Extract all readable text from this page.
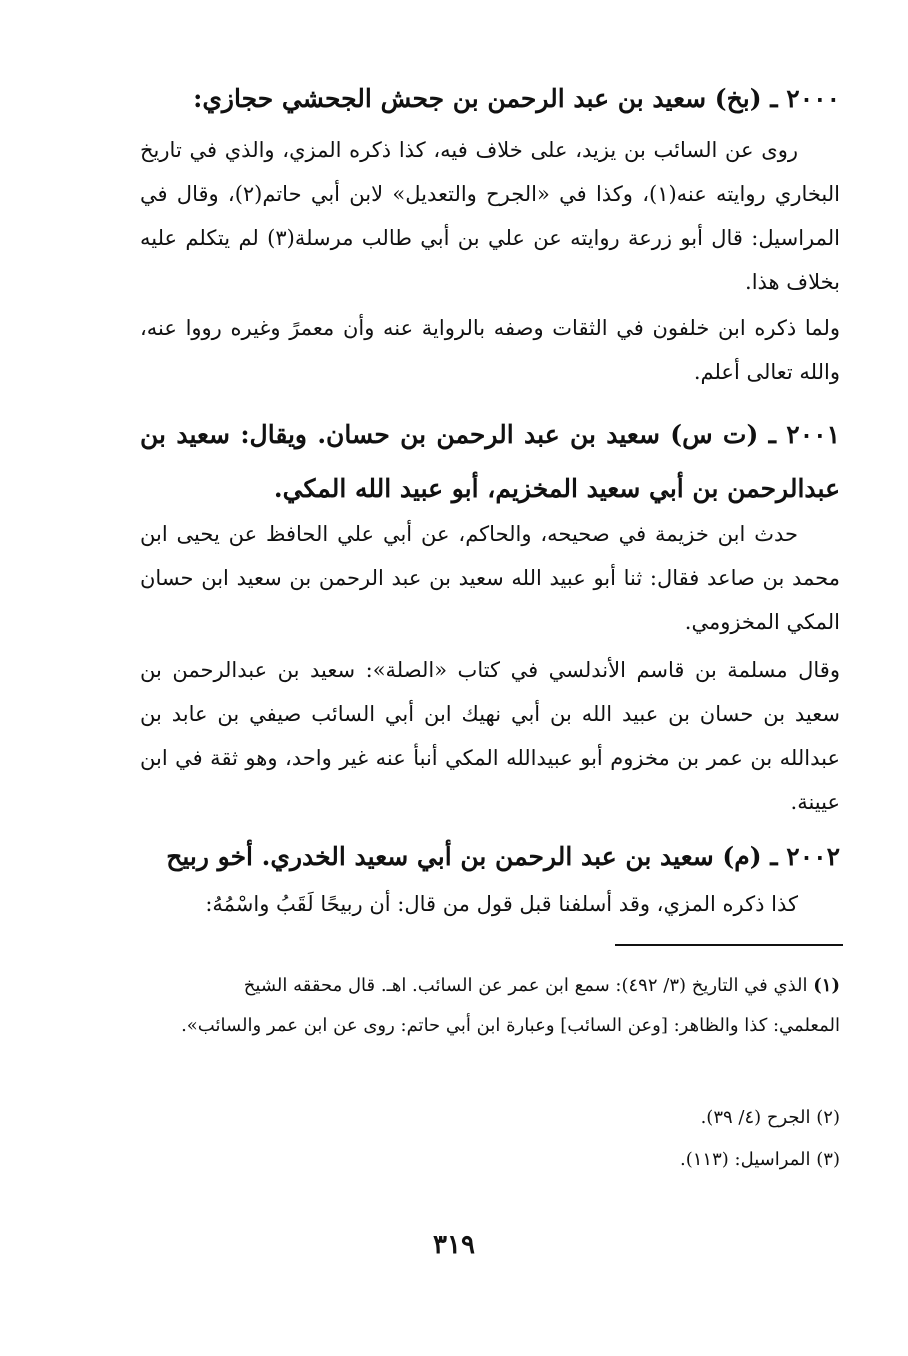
٢٠٠٠ ـ (بخ) سعيد بن عبد الرحمن بن جحش الجحشي حجازي:
روى عن السائب بن يزيد، على خلاف فيه، كذا ذكره المزي، والذي في تاريخ البخاري روايته عنه(١)، وكذا في «الجرح والتعديل» لابن أبي حاتم(٢)، وقال في المراسيل: قال أبو زرعة روايته عن علي بن أبي طالب مرسلة(٣) لم يتكلم عليه بخلاف هذا.
ولما ذكره ابن خلفون في الثقات وصفه بالرواية عنه وأن معمرً وغيره رووا عنه، والله تعالى أعلم.
٢٠٠١ ـ (ت س) سعيد بن عبد الرحمن بن حسان. ويقال: سعيد بن عبدالرحمن بن أبي سعيد المخزيم، أبو عبيد الله المكي.
حدث ابن خزيمة في صحيحه، والحاكم، عن أبي علي الحافظ عن يحيى ابن محمد بن صاعد فقال: ثنا أبو عبيد الله سعيد بن عبد الرحمن بن سعيد ابن حسان المكي المخزومي.
وقال مسلمة بن قاسم الأندلسي في كتاب «الصلة»: سعيد بن عبدالرحمن بن سعيد بن حسان بن عبيد الله بن أبي نهيك ابن أبي السائب صيفي بن عابد بن عبدالله بن عمر بن مخزوم أبو عبيدالله المكي أنبأ عنه غير واحد، وهو ثقة في ابن عيينة.
٢٠٠٢ ـ (م) سعيد بن عبد الرحمن بن أبي سعيد الخدري. أخو ربيح
كذا ذكره المزي، وقد أسلفنا قبل قول من قال: أن ربيحًا لَقَبُ واسْمُهُ:
(١) الذي في التاريخ (٣/ ٤٩٢): سمع ابن عمر عن السائب. اهـ. قال محققه الشيخ
المعلمي: كذا والظاهر: [وعن السائب] وعبارة ابن أبي حاتم: روى عن ابن عمر والسائب».
(٢) الجرح (٤/ ٣٩).
(٣) المراسيل: (١١٣).
٣١٩
